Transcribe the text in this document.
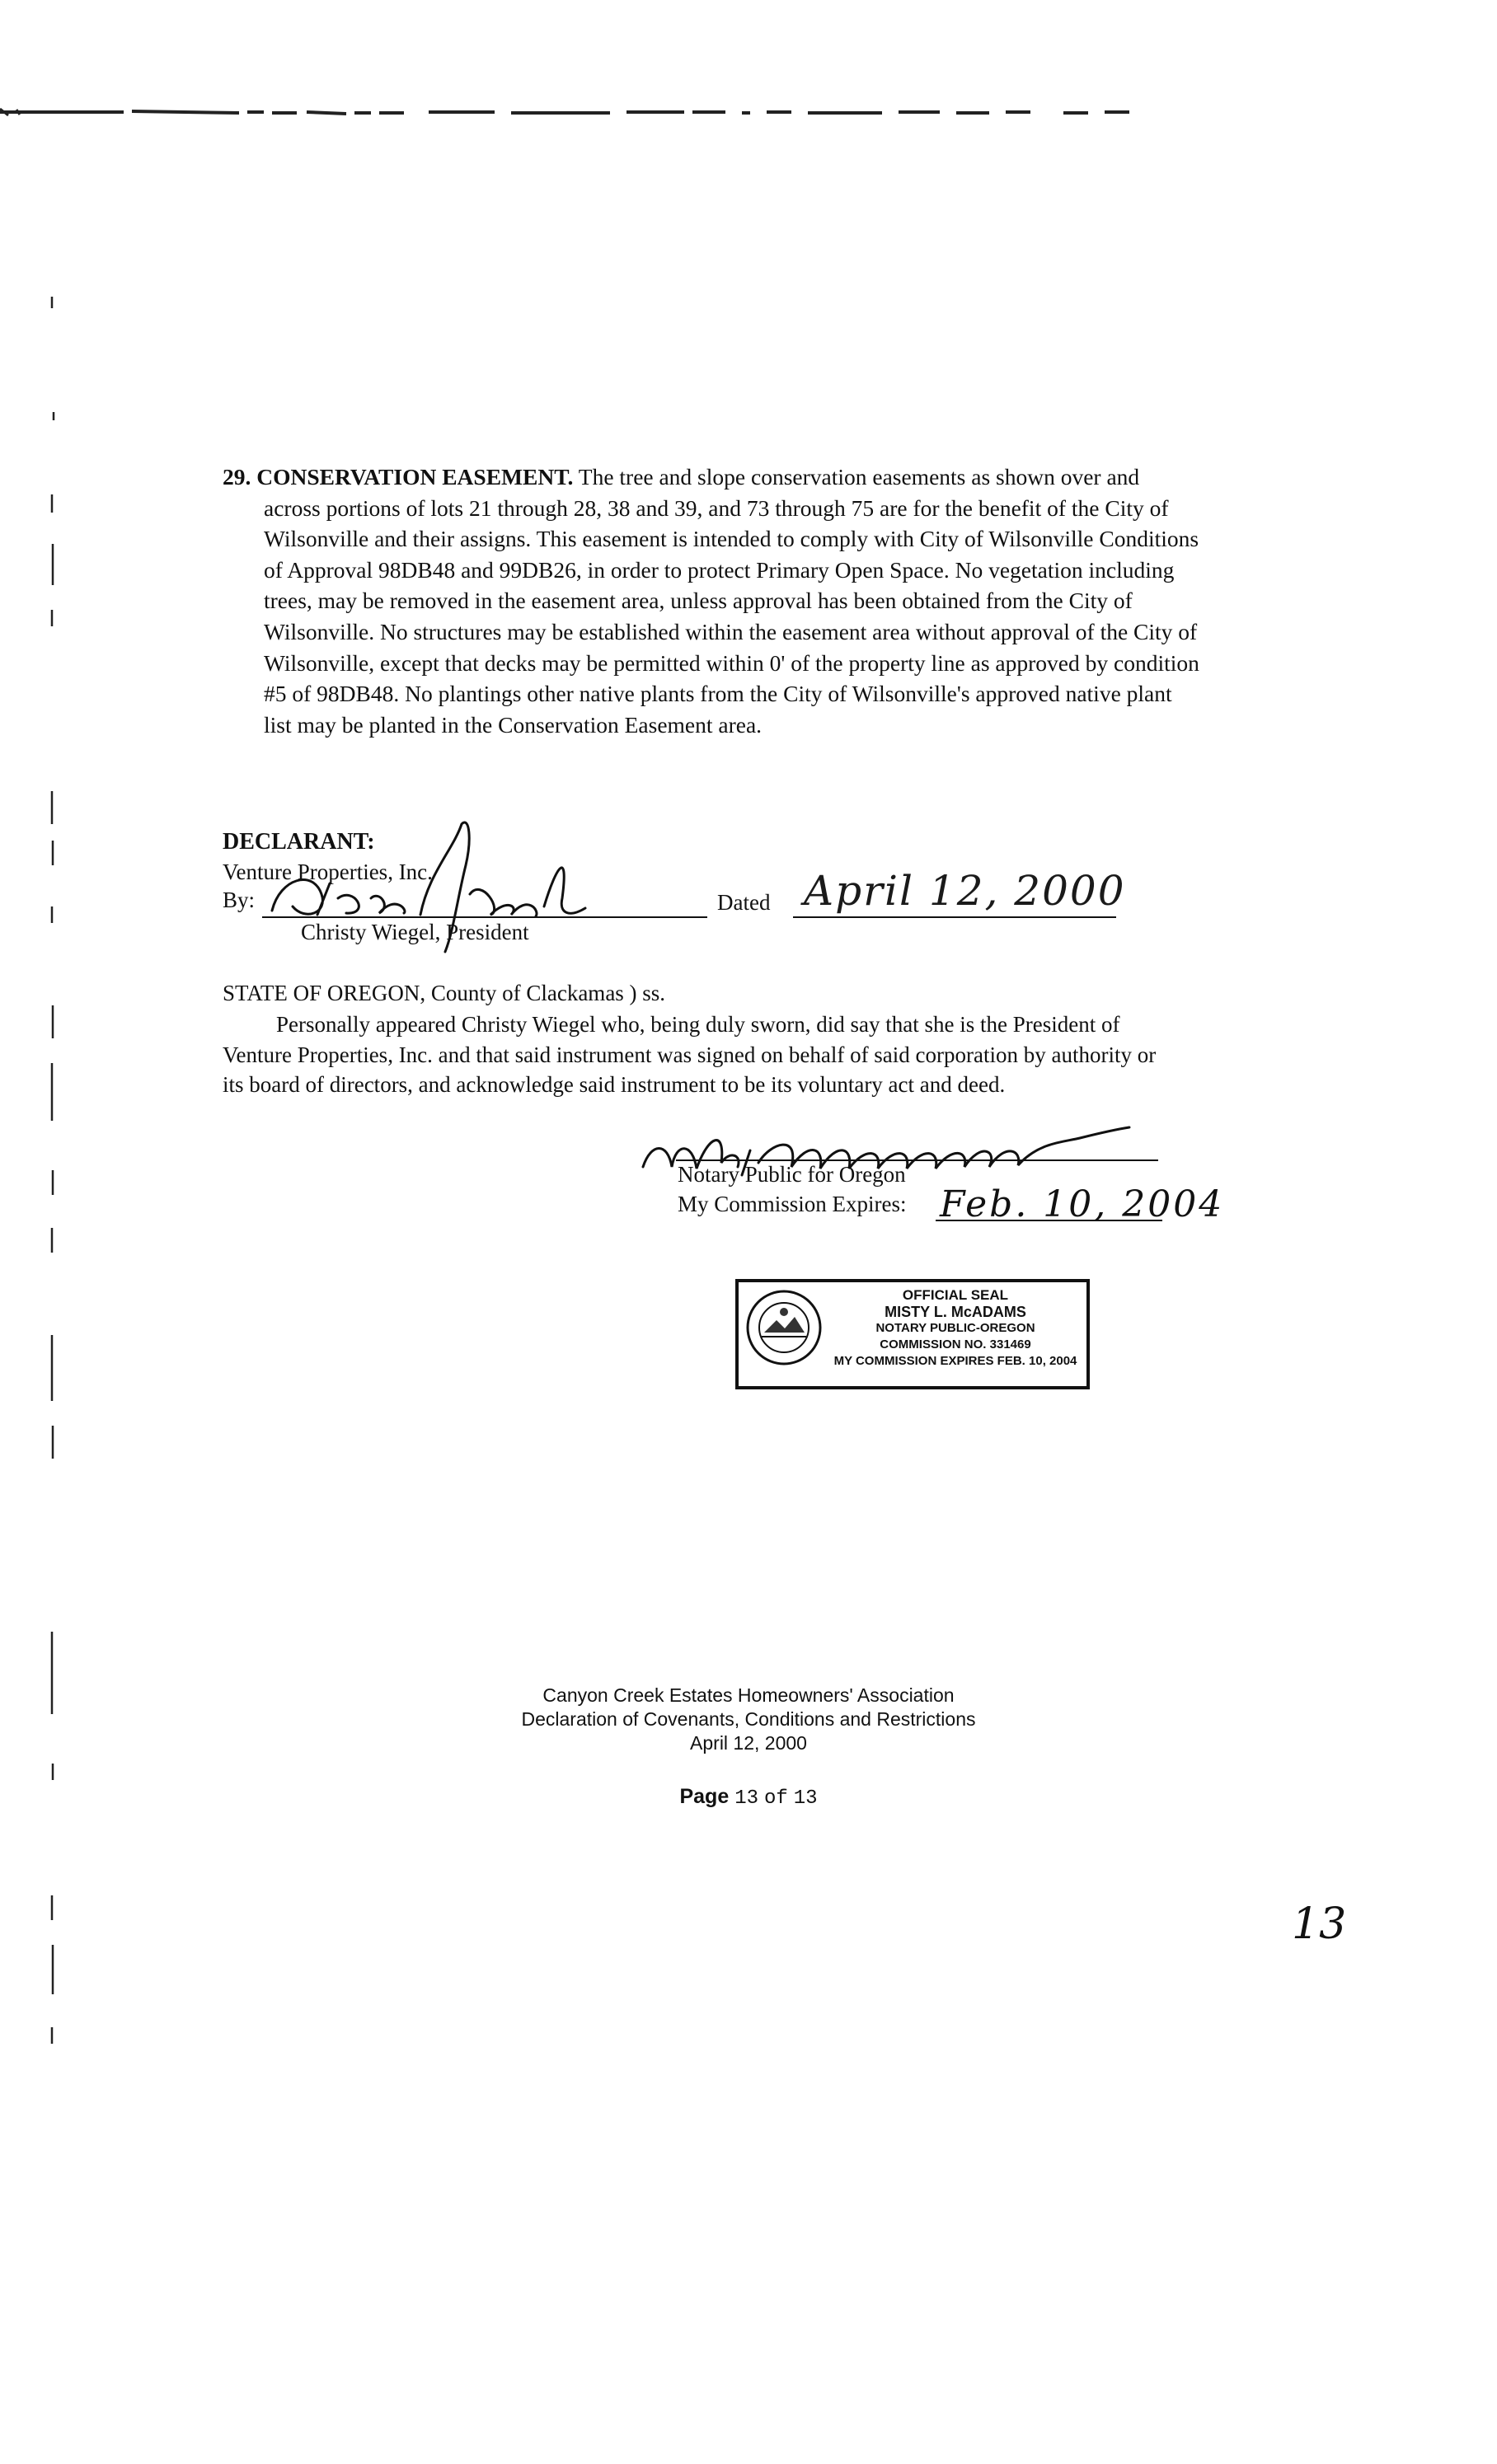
29. CONSERVATION EASEMENT. The tree and slope conservation easements as shown over and
across portions of lots 21 through 28, 38 and 39, and 73 through 75 are for the benefit of the City of
Wilsonville and their assigns. This easement is intended to comply with City of Wilsonville Conditions
of Approval 98DB48 and 99DB26, in order to protect Primary Open Space. No vegetation including
trees, may be removed in the easement area, unless approval has been obtained from the City of
Wilsonville. No structures may be established within the easement area without approval of the City of
Wilsonville, except that decks may be permitted within 0' of the property line as approved by condition
#5 of 98DB48. No plantings other native plants from the City of Wilsonville's approved native plant
list may be planted in the Conservation Easement area.
DECLARANT:
Venture Properties, Inc.
By:
Christy Wiegel, President
Dated April 12, 2000
STATE OF OREGON, County of Clackamas ) ss.
Personally appeared Christy Wiegel who, being duly sworn, did say that she is the President of
Venture Properties, Inc. and that said instrument was signed on behalf of said corporation by authority or
its board of directors, and acknowledge said instrument to be its voluntary act and deed.
Notary Public for Oregon
My Commission Expires: Feb. 10, 2004
OFFICIAL SEAL
MISTY L. McADAMS
NOTARY PUBLIC-OREGON
COMMISSION NO. 331469
MY COMMISSION EXPIRES FEB. 10, 2004
Canyon Creek Estates Homeowners' Association
Declaration of Covenants, Conditions and Restrictions
April 12, 2000
Page 13 of 13
13
